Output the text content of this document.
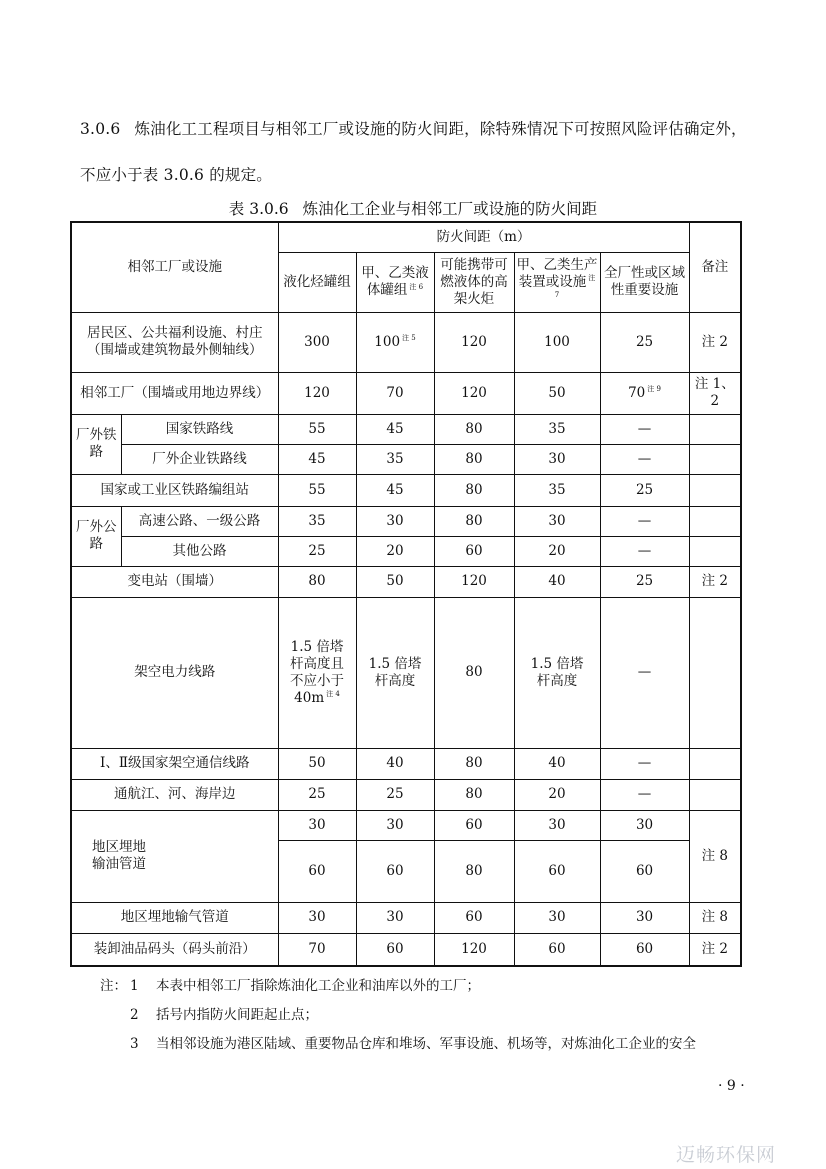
3.0.6 炼油化工工程项目与相邻工厂或设施的防火间距，除特殊情况下可按照风险评估确定外，不应小于表 3.0.6 的规定。
表 3.0.6 炼油化工企业与相邻工厂或设施的防火间距
相邻工厂或设施		防火间距（m）					备注
		液化烃罐组	甲、乙类液体罐组 $^{注 6}$	可能携带可燃液体的高架火炬	甲、乙类生产装置或设施 $^{注 7}$	全厂性或区域性重要设施	
居民区、公共福利设施、村庄（围墙或建筑物最外侧轴线）		300	100 $^{注 5}$	120	100	25	注 2
相邻工厂（围墙或用地边界线）		120	70	120	50	70 $^{注 9}$	注 1、2
厂外铁路	国家铁路线	55	45	80	35	—	
	厂外企业铁路线	45	35	80	30	—	
国家或工业区铁路编组站		55	45	80	35	25	
厂外公路	高速公路、一级公路	35	30	80	30	—	
	其他公路	25	20	60	20	—	
变电站（围墙）		80	50	120	40	25	注 2
架空电力线路		1.5 倍塔杆高度且不应小于 40m $^{注 4}$	1.5 倍塔杆高度	80	1.5 倍塔杆高度	—	
Ⅰ、Ⅱ级国家架空通信线路		50	40	80	40	—	
通航江、河、海岸边		25	25	80	20	—	
地区埋地输油管道		30	30	60	30	30	注 8
		60	60	80	60	60	
地区埋地输气管道		30	30	60	30	30	注 8
装卸油品码头（码头前沿）		70	60	120	60	60	注 2
注： 1 本表中相邻工厂指除炼油化工企业和油库以外的工厂；
2 括号内指防火间距起止点；
3 当相邻设施为港区陆域、重要物品仓库和堆场、军事设施、机场等，对炼油化工企业的安全
· 9 ·
迈畅环保网
